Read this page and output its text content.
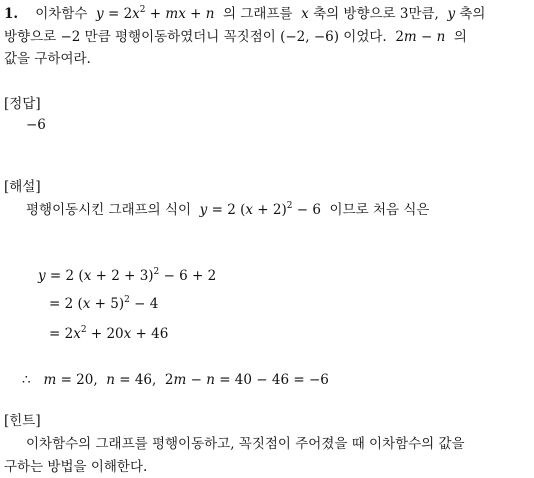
1. 이차함수 $y = 2x^2$ + mx + n 의 그래프를 x 축의 방향으로 3만큼, y 축의
방향으로 −2 만큼 평행이동하였더니 꼭짓점이 (−2, −6) 이었다. 2m − n 의
값을 구하여라.
[정답]
−6
[해설]
평행이동시킨 그래프의 식이 y = 2 $(x + 2)^2 - 6$ 이므로 처음 식은
y = 2 $(x + 2 + 3)^2 - 6 + 2$
= 2 $(x + 5)^2 - 4$
= $2x^2 + 20x + 46$
∴ m = 20,  n = 46,  2m − n = 40 − 46 = −6
[힌트]
이차함수의 그래프를 평행이동하고, 꼭짓점이 주어졌을 때 이차함수의 값을
구하는 방법을 이해한다.
